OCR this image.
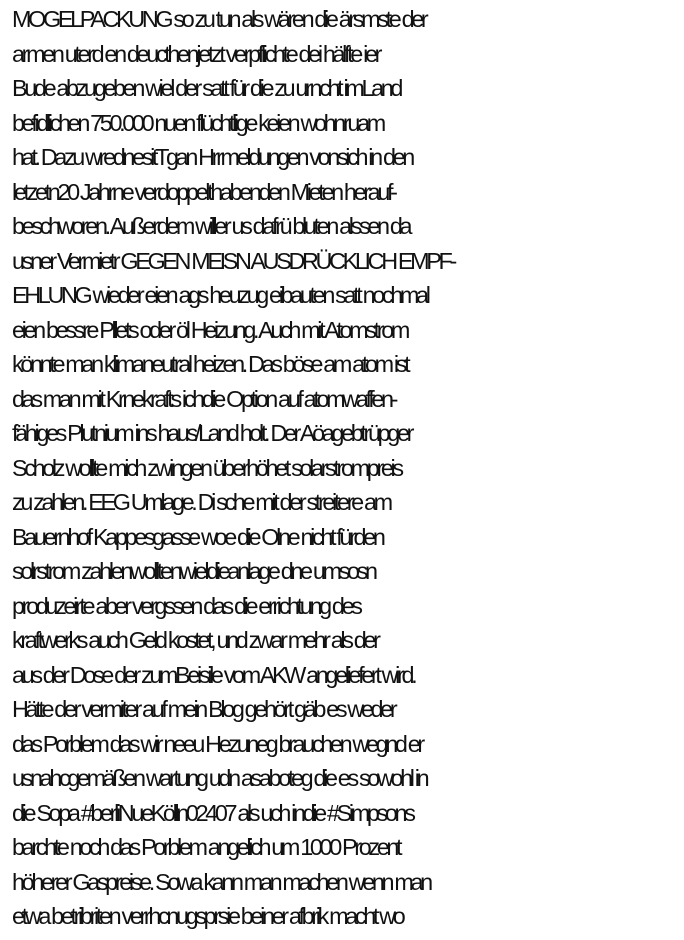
MOGELPACKUNG so zu tun als wären die ärsmste der
armen uterd en deucthenjetzt verpflichte dei hälfte ier
Bude abzugeben wiel der satt für die zu urncht imLand
befidlichen 750.000 nuen flüchtlige keien wohnruam
hat. Dazu wrednesitTgan Hrrmeldungen vonsich in den
letzetn20 Jahrne verdoppelthabenden Mieten herauf-
beschworen. Außerdem willer us dafrü bluten alssen da
usner Vermietr GEGEN MEISN AUSDRÜCKLICH EMPF-
EHLUNG wieder eien ags heuzug eibauten satt nochmal
eien bessre Pllets oder öl Heizung. Auch mit Atomstrom
könnte man klimaneutral heizen. Das böse am atom ist
das man mit Krnekrafts ichdie Option auf atomwaffen-
fähiges Plutnium ins haus/Land holt. Der Aöagebtrüpger
Scholz wollte mich zwingen überhöhet solarstrompreis
zu zahlen. EEG Umlage. Di sche mit der streitere am
Bauernhof Kappesgasse woe die Olne nicht fürden
solrstrom zahlenwolltenwieldieanlage dne umsosn
produzeirte aber vergssen das die errichtung des
kraftwerks auch Geld kostet, und zwar mehr als der
aus der Dose der zumBeisile vom AKW angeliefert wird.
Hätte der vermiter auf mein Blog gehört gäb es weder
das Porblem das wir neeu Hezuneg brauchen wegnd er
usnahcgemäßen wartung udn asaboteg die es sowohl in
die Sopa #berliNueKölln02407 als uch indie #Simpsons
barchte noch das Porblem angelich um 1000 Prozent
höherer Gaspreise. Sowa kann man machen wenn man
etwa betribriten verrhcnugsprsie beiner afbrik macht wo
